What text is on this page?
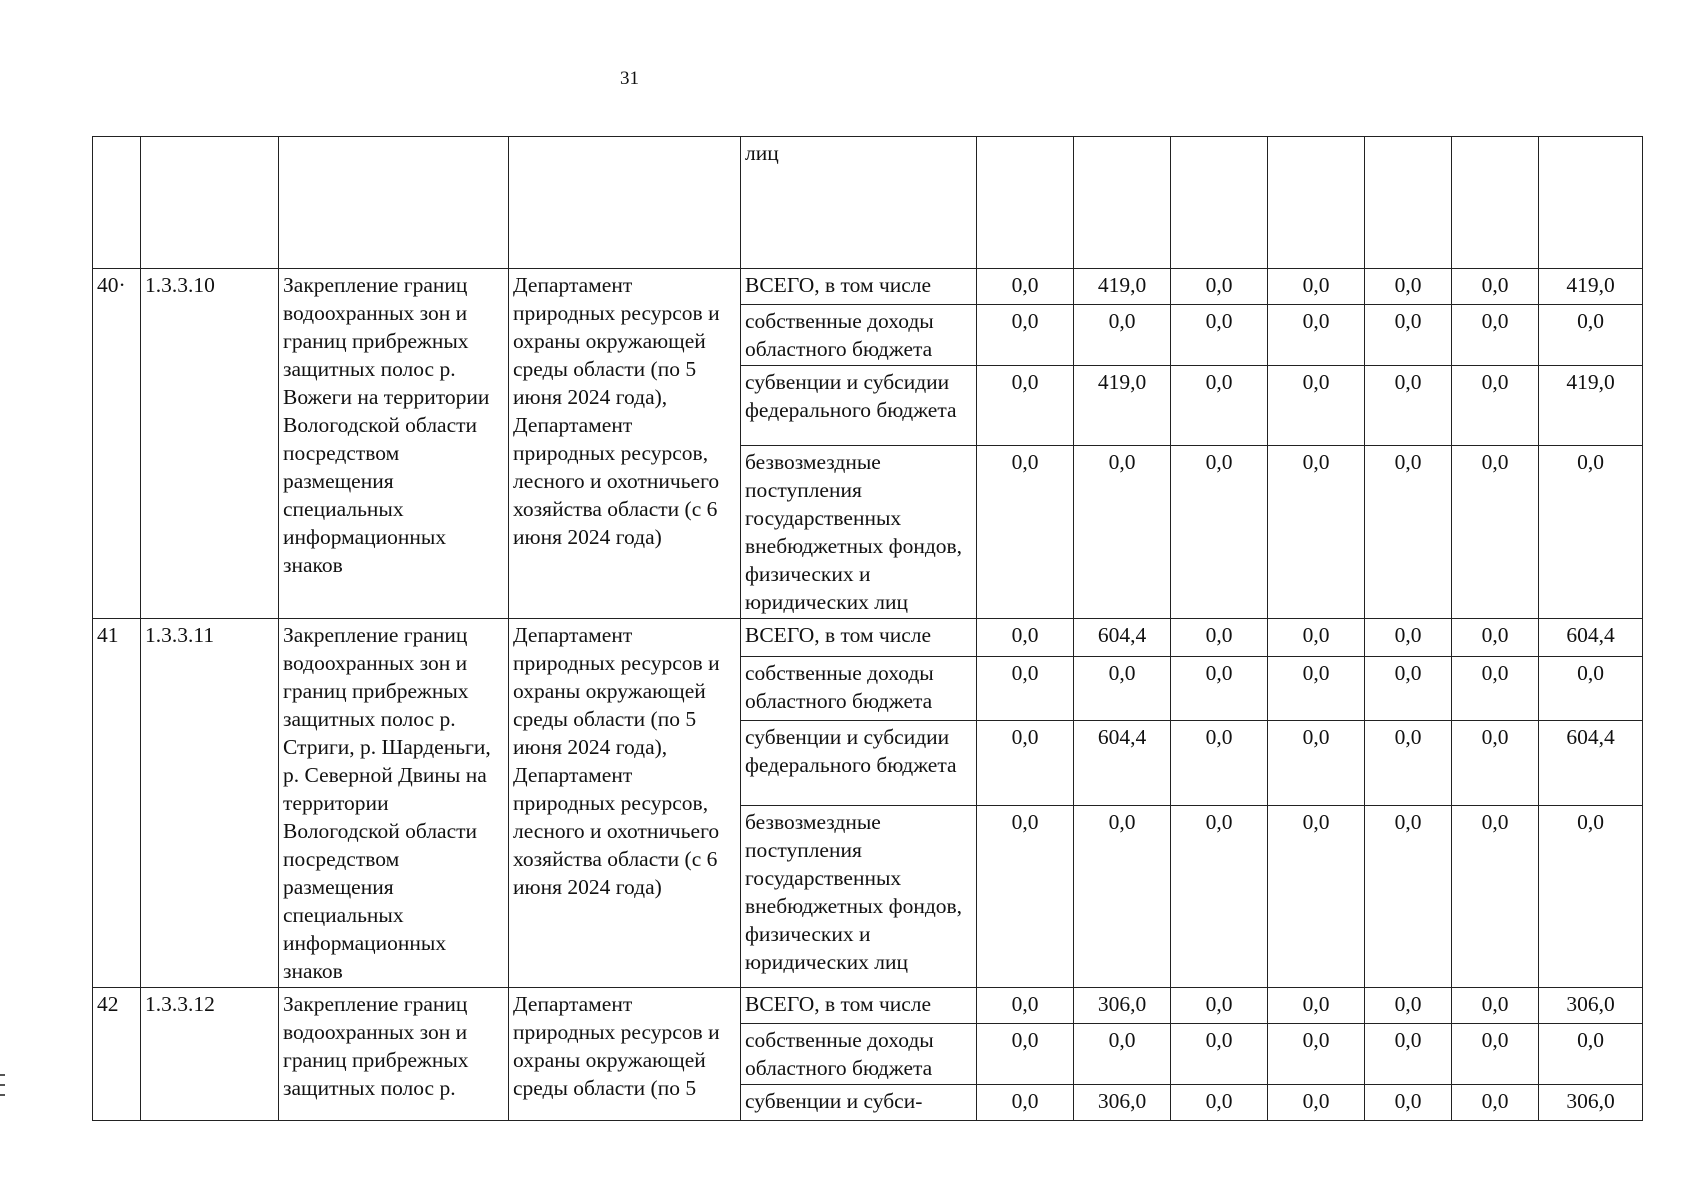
31
				лиц							
40·	1.3.3.10	Закрепление границ водоохранных зон и границ прибрежных защитных полос р. Вожеги на территории Вологодской области посредством размещения специальных информационных знаков	Департамент природных ресурсов и охраны окружающей среды области (по 5 июня 2024 года), Департамент природных ресурсов, лесного и охотничьего хозяйства области (с 6 июня 2024 года)	ВСЕГО, в том числе	0,0	419,0	0,0	0,0	0,0	0,0	419,0
				собственные доходы областного бюджета	0,0	0,0	0,0	0,0	0,0	0,0	0,0
				субвенции и субсидии федерального бюджета	0,0	419,0	0,0	0,0	0,0	0,0	419,0
				безвозмездные поступления государственных внебюджетных фондов, физических и юридических лиц	0,0	0,0	0,0	0,0	0,0	0,0	0,0
41	1.3.3.11	Закрепление границ водоохранных зон и границ прибрежных защитных полос р. Стриги, р. Шарденьги, р. Северной Двины на территории Вологодской области посредством размещения специальных информационных знаков	Департамент природных ресурсов и охраны окружающей среды области (по 5 июня 2024 года), Департамент природных ресурсов, лесного и охотничьего хозяйства области (с 6 июня 2024 года)	ВСЕГО, в том числе	0,0	604,4	0,0	0,0	0,0	0,0	604,4
				собственные доходы областного бюджета	0,0	0,0	0,0	0,0	0,0	0,0	0,0
				субвенции и субсидии федерального бюджета	0,0	604,4	0,0	0,0	0,0	0,0	604,4
				безвозмездные поступления государственных внебюджетных фондов, физических и юридических лиц	0,0	0,0	0,0	0,0	0,0	0,0	0,0
42	1.3.3.12	Закрепление границ водоохранных зон и границ прибрежных защитных полос р.	Департамент природных ресурсов и охраны окружающей среды области (по 5	ВСЕГО, в том числе	0,0	306,0	0,0	0,0	0,0	0,0	306,0
				собственные доходы областного бюджета	0,0	0,0	0,0	0,0	0,0	0,0	0,0
				субвенции и субси-	0,0	306,0	0,0	0,0	0,0	0,0	306,0
